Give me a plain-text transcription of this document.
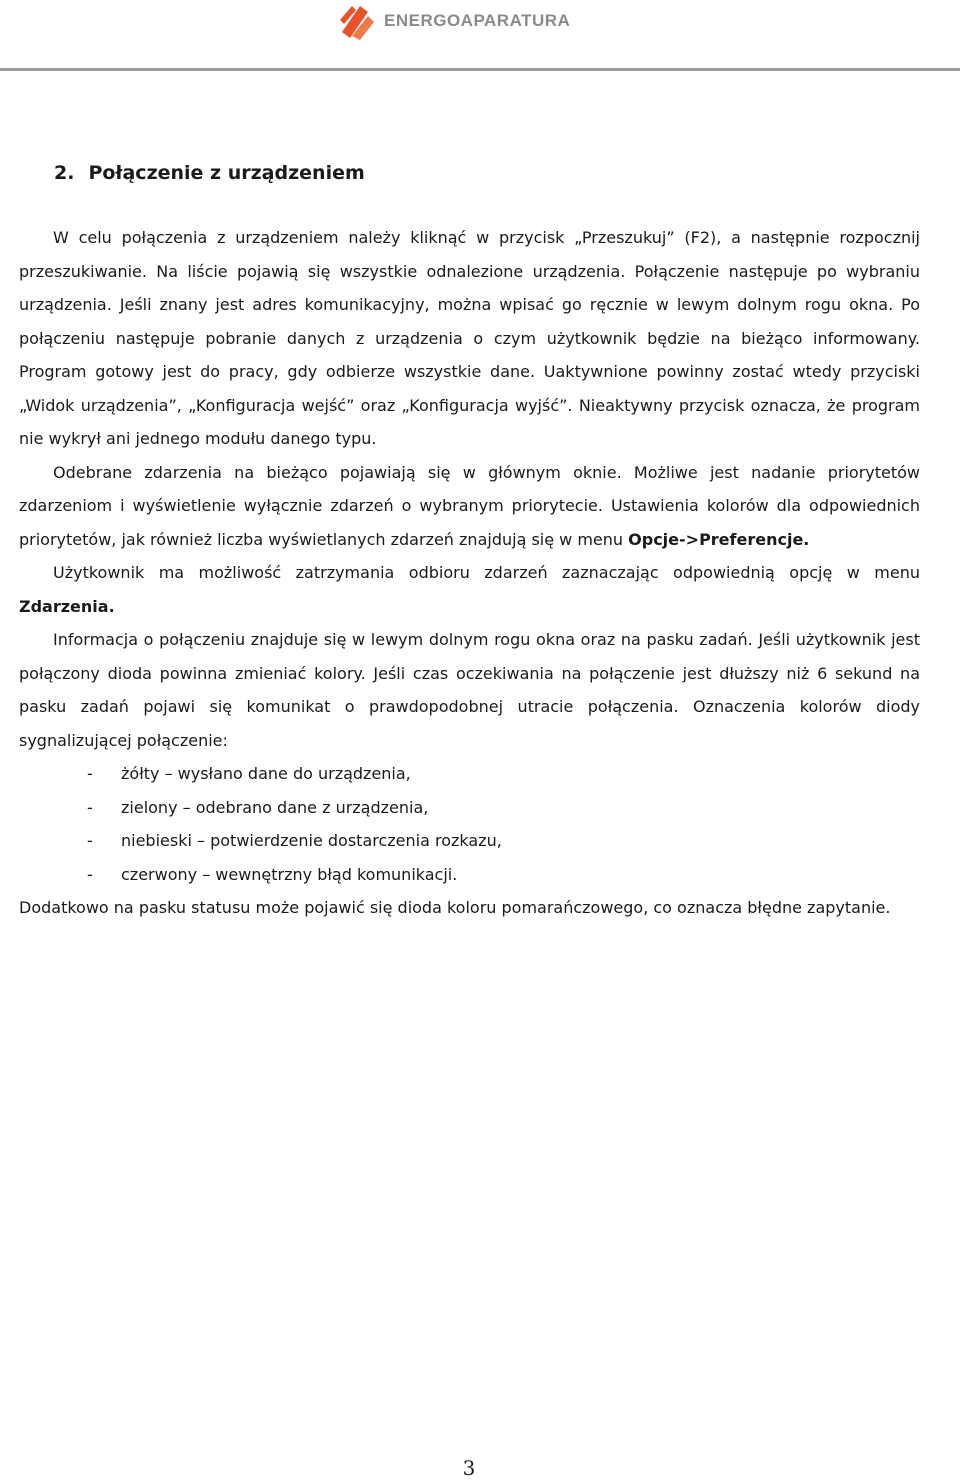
ENERGOAPARATURA
2. Połączenie z urządzeniem

W celu połączenia z urządzeniem należy kliknąć w przycisk „Przeszukuj” (F2), a następnie rozpocznij przeszukiwanie. Na liście pojawią się wszystkie odnalezione urządzenia. Połączenie następuje po wybraniu urządzenia. Jeśli znany jest adres komunikacyjny, można wpisać go ręcznie w lewym dolnym rogu okna. Po połączeniu następuje pobranie danych z urządzenia o czym użytkownik będzie na bieżąco informowany. Program gotowy jest do pracy, gdy odbierze wszystkie dane. Uaktywnione powinny zostać wtedy przyciski „Widok urządzenia”, „Konfiguracja wejść” oraz „Konfiguracja wyjść”. Nieaktywny przycisk oznacza, że program nie wykrył ani jednego modułu danego typu.

Odebrane zdarzenia na bieżąco pojawiają się w głównym oknie. Możliwe jest nadanie priorytetów zdarzeniom i wyświetlenie wyłącznie zdarzeń o wybranym priorytecie. Ustawienia kolorów dla odpowiednich priorytetów, jak również liczba wyświetlanych zdarzeń znajdują się w menu Opcje->Preferencje.

Użytkownik ma możliwość zatrzymania odbioru zdarzeń zaznaczając odpowiednią opcję w menu Zdarzenia.

Informacja o połączeniu znajduje się w lewym dolnym rogu okna oraz na pasku zadań. Jeśli użytkownik jest połączony dioda powinna zmieniać kolory. Jeśli czas oczekiwania na połączenie jest dłuższy niż 6 sekund na pasku zadań pojawi się komunikat o prawdopodobnej utracie połączenia. Oznaczenia kolorów diody sygnalizującej połączenie:

-	żółty – wysłano dane do urządzenia,
-	zielony – odebrano dane z urządzenia,
-	niebieski – potwierdzenie dostarczenia rozkazu,
-	czerwony – wewnętrzny błąd komunikacji.

Dodatkowo na pasku statusu może pojawić się dioda koloru pomarańczowego, co oznacza błędne zapytanie.

3
